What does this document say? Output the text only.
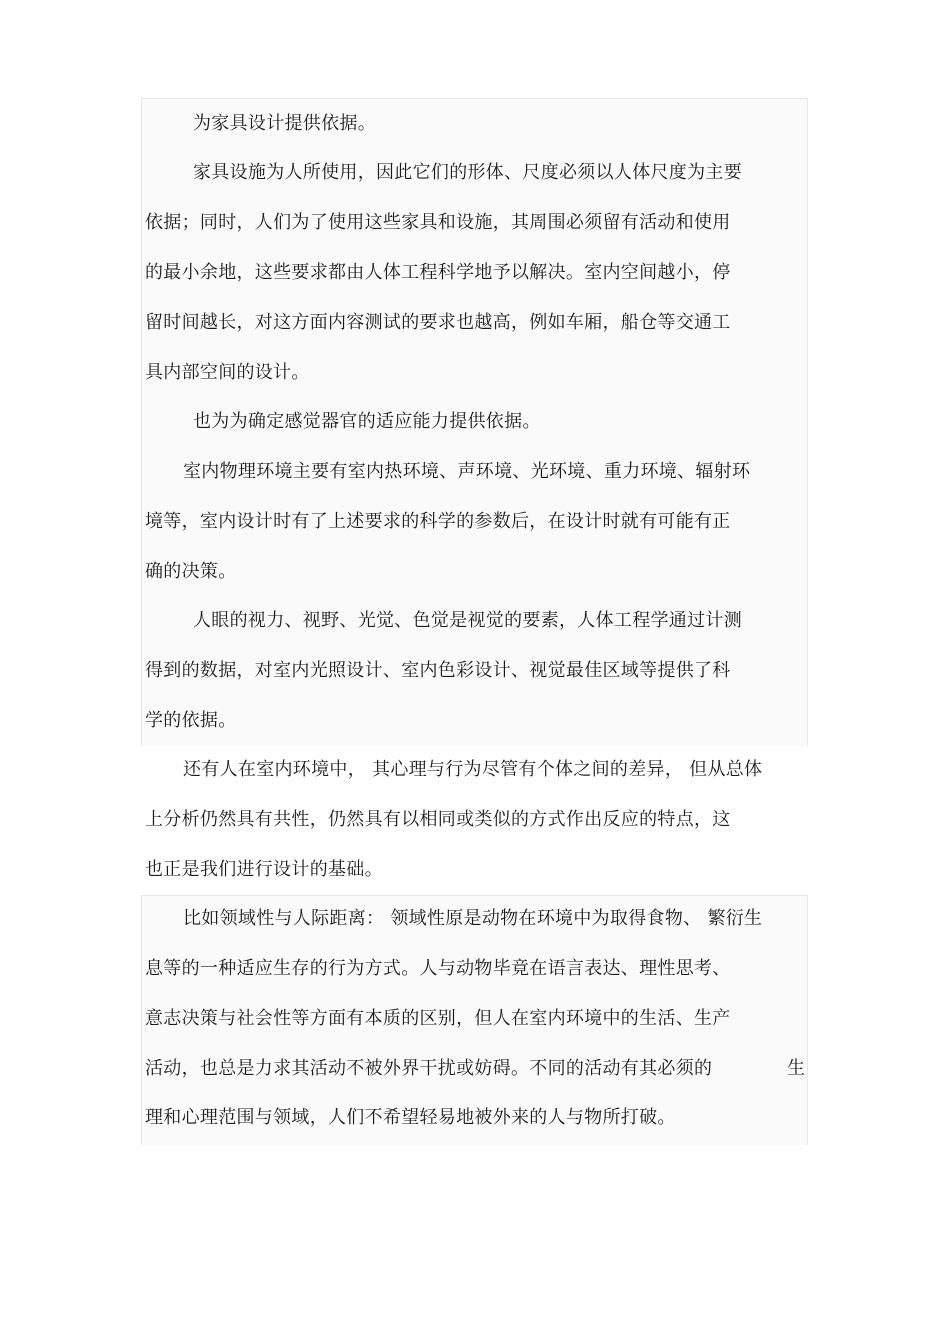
为家具设计提供依据。
家具设施为人所使用，因此它们的形体、尺度必须以人体尺度为主要
依据；同时，人们为了使用这些家具和设施，其周围必须留有活动和使用
的最小余地，这些要求都由人体工程科学地予以解决。室内空间越小，停
留时间越长，对这方面内容测试的要求也越高，例如车厢，船仓等交通工
具内部空间的设计。
也为为确定感觉器官的适应能力提供依据。
室内物理环境主要有室内热环境、声环境、光环境、重力环境、辐射环
境等，室内设计时有了上述要求的科学的参数后，在设计时就有可能有正
确的决策。
人眼的视力、视野、光觉、色觉是视觉的要素，人体工程学通过计测
得到的数据，对室内光照设计、室内色彩设计、视觉最佳区域等提供了科
学的依据。
还有人在室内环境中， 其心理与行为尽管有个体之间的差异， 但从总体
上分析仍然具有共性，仍然具有以相同或类似的方式作出反应的特点，这
也正是我们进行设计的基础。
比如领域性与人际距离： 领域性原是动物在环境中为取得食物、 繁衍生
息等的一种适应生存的行为方式。人与动物毕竟在语言表达、理性思考、
意志决策与社会性等方面有本质的区别，但人在室内环境中的生活、生产
活动，也总是力求其活动不被外界干扰或妨碍。不同的活动有其必须的	生
理和心理范围与领域，人们不希望轻易地被外来的人与物所打破。
